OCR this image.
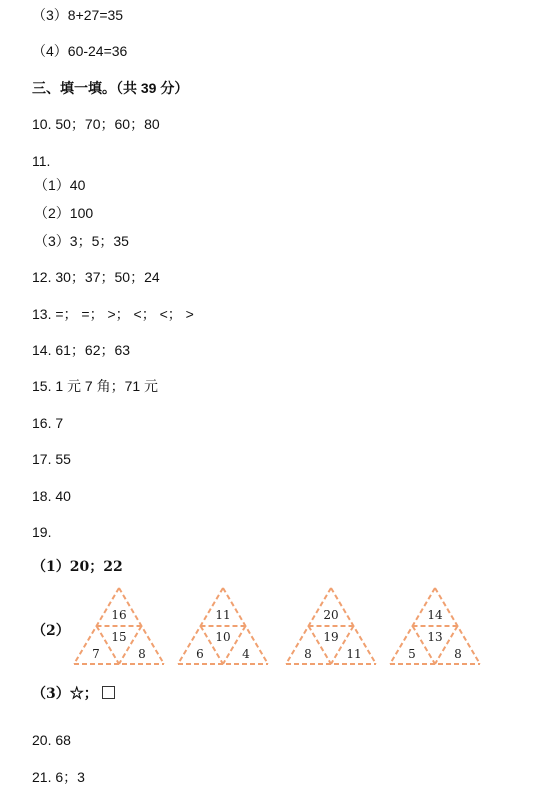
（3）8+27=35
（4）60-24=36
三、填一填。（共 39 分）
10. 50；70；60；80
11.
（1）40
（2）100
（3）3；5；35
12. 30；37；50；24
13. =； =； >； <； <； >
14. 61；62；63
15. 1 元 7 角；71 元
16. 7
17. 55
18. 40
19.
（1）20；22
（2）
16
15
7	8
11
10
6	4
20
19
8	11
14
13
5	8
（3）☆；
20. 68
21. 6；3
